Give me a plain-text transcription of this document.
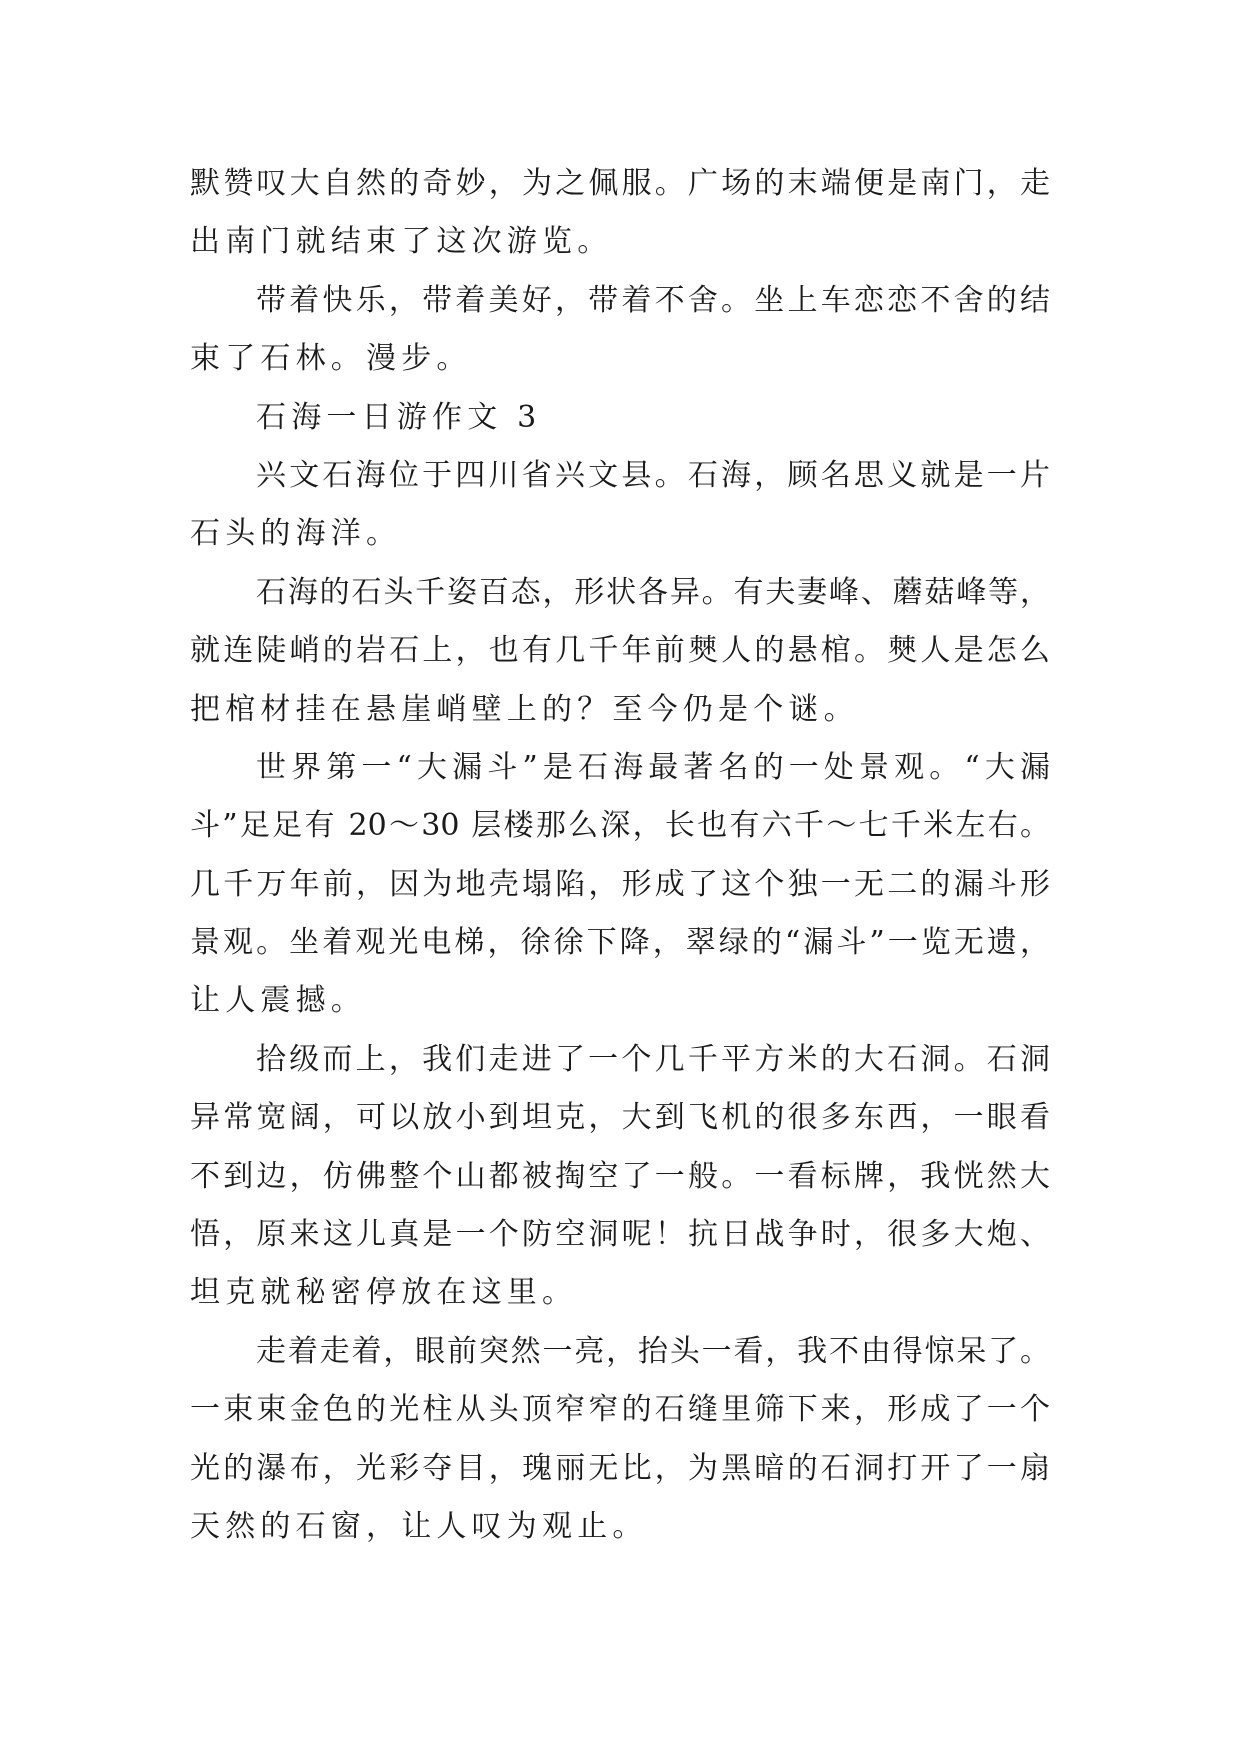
默赞叹大自然的奇妙，为之佩服。广场的末端便是南门，走
出南门就结束了这次游览。
带着快乐，带着美好，带着不舍。坐上车恋恋不舍的结
束了石林。漫步。
石海一日游作文 3
兴文石海位于四川省兴文县。石海，顾名思义就是一片
石头的海洋。
石海的石头千姿百态，形状各异。有夫妻峰、蘑菇峰等，
就连陡峭的岩石上，也有几千年前僰人的悬棺。僰人是怎么
把棺材挂在悬崖峭壁上的？至今仍是个谜。
世界第一“大漏斗”是石海最著名的一处景观。“大漏
斗”足足有 20～30 层楼那么深，长也有六千～七千米左右。
几千万年前，因为地壳塌陷，形成了这个独一无二的漏斗形
景观。坐着观光电梯，徐徐下降，翠绿的“漏斗”一览无遗，
让人震撼。
拾级而上，我们走进了一个几千平方米的大石洞。石洞
异常宽阔，可以放小到坦克，大到飞机的很多东西，一眼看
不到边，仿佛整个山都被掏空了一般。一看标牌，我恍然大
悟，原来这儿真是一个防空洞呢！抗日战争时，很多大炮、
坦克就秘密停放在这里。
走着走着，眼前突然一亮，抬头一看，我不由得惊呆了。
一束束金色的光柱从头顶窄窄的石缝里筛下来，形成了一个
光的瀑布，光彩夺目，瑰丽无比，为黑暗的石洞打开了一扇
天然的石窗，让人叹为观止。
